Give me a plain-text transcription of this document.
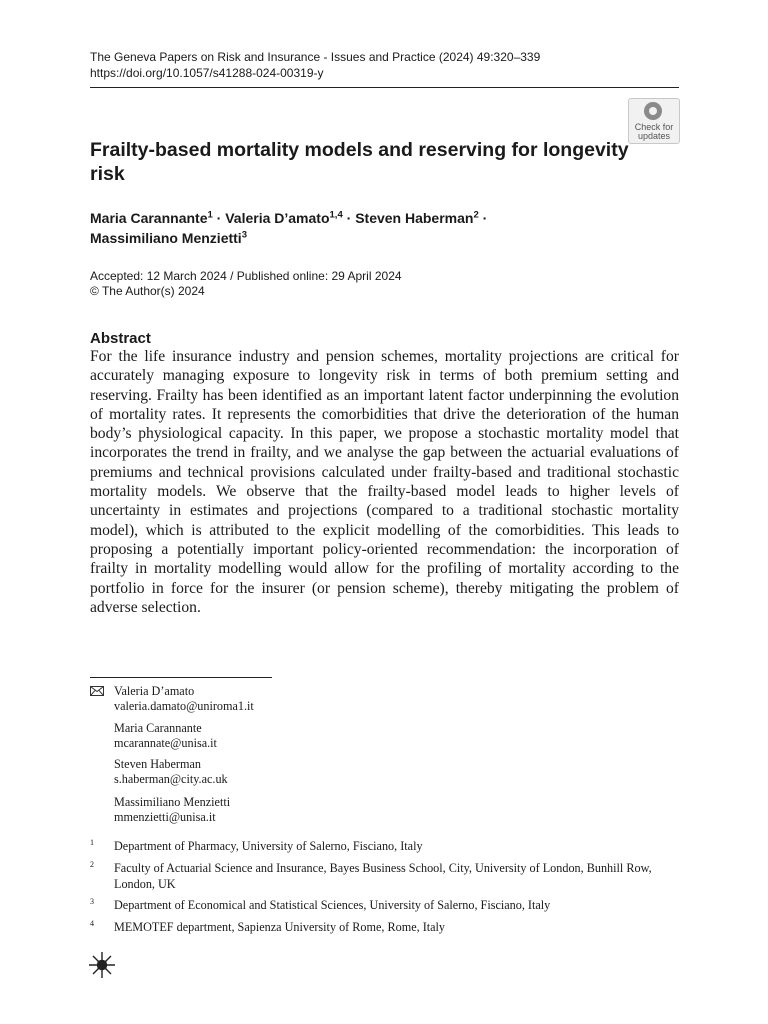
The Geneva Papers on Risk and Insurance - Issues and Practice (2024) 49:320–339
https://doi.org/10.1057/s41288-024-00319-y
Check for
updates
Frailty-based mortality models and reserving for longevity risk
Maria Carannante$^1$ · Valeria D’amato$^{1,4}$ · Steven Haberman$^2$ ·
Massimiliano Menzietti$^3$
Accepted: 12 March 2024 / Published online: 29 April 2024
© The Author(s) 2024
Abstract

For the life insurance industry and pension schemes, mortality projections are critical for accurately managing exposure to longevity risk in terms of both premium setting and reserving. Frailty has been identified as an important latent factor underpinning the evolution of mortality rates. It represents the comorbidities that drive the deterioration of the human body’s physiological capacity. In this paper, we propose a stochastic mortality model that incorporates the trend in frailty, and we analyse the gap between the actuarial evaluations of premiums and technical provisions calculated under frailty-based and traditional stochastic mortality models. We observe that the frailty-based model leads to higher levels of uncertainty in estimates and projections (compared to a traditional stochastic mortality model), which is attributed to the explicit modelling of the comorbidities. This leads to proposing a potentially important policy-oriented recommendation: the incorporation of frailty in mortality modelling would allow for the profiling of mortality according to the portfolio in force for the insurer (or pension scheme), thereby mitigating the problem of adverse selection.

Valeria D’amato
valeria.damato@uniroma1.it
Maria Carannante
mcarannate@unisa.it
Steven Haberman
s.haberman@city.ac.uk
Massimiliano Menzietti
mmenzietti@unisa.it
1 Department of Pharmacy, University of Salerno, Fisciano, Italy
2 Faculty of Actuarial Science and Insurance, Bayes Business School, City, University of London, Bunhill Row, London, UK
3 Department of Economical and Statistical Sciences, University of Salerno, Fisciano, Italy
4 MEMOTEF department, Sapienza University of Rome, Rome, Italy
